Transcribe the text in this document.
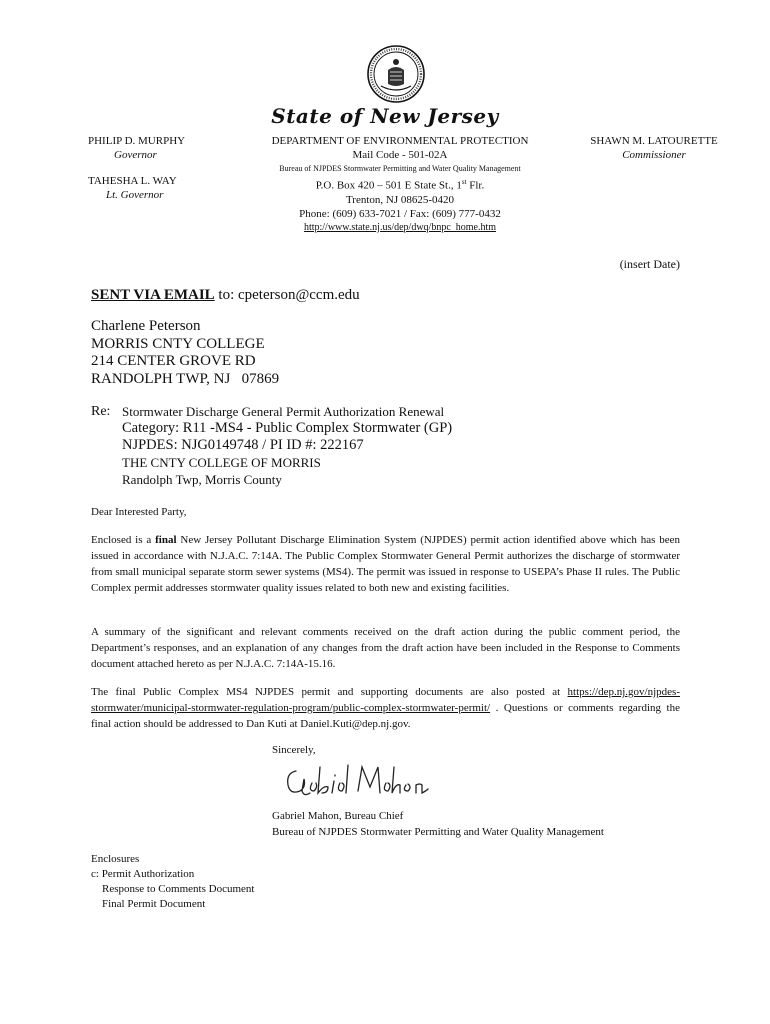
State of New Jersey
PHILIP D. MURPHY
Governor
TAHESHA L. WAY
Lt. Governor
DEPARTMENT OF ENVIRONMENTAL PROTECTION
Mail Code - 501-02A
Bureau of NJPDES Stormwater Permitting and Water Quality Management
P.O. Box 420 – 501 E State St., 1st Flr.
Trenton, NJ 08625-0420
Phone: (609) 633-7021 / Fax: (609) 777-0432
http://www.state.nj.us/dep/dwq/bnpc_home.htm
SHAWN M. LATOURETTE
Commissioner
(insert Date)
SENT VIA EMAIL to: cpeterson@ccm.edu
Charlene Peterson
MORRIS CNTY COLLEGE
214 CENTER GROVE RD
RANDOLPH TWP, NJ   07869
Re: Stormwater Discharge General Permit Authorization Renewal
Category: R11 -MS4 - Public Complex Stormwater (GP)
NJPDES: NJG0149748 / PI ID #: 222167
THE CNTY COLLEGE OF MORRIS
Randolph Twp, Morris County
Dear Interested Party,
Enclosed is a final New Jersey Pollutant Discharge Elimination System (NJPDES) permit action identified above which has been issued in accordance with N.J.A.C. 7:14A. The Public Complex Stormwater General Permit authorizes the discharge of stormwater from small municipal separate storm sewer systems (MS4). The permit was issued in response to USEPA’s Phase II rules. The Public Complex permit addresses stormwater quality issues related to both new and existing facilities.
A summary of the significant and relevant comments received on the draft action during the public comment period, the Department’s responses, and an explanation of any changes from the draft action have been included in the Response to Comments document attached hereto as per N.J.A.C. 7:14A-15.16.
The final Public Complex MS4 NJPDES permit and supporting documents are also posted at https://dep.nj.gov/njpdes-stormwater/municipal-stormwater-regulation-program/public-complex-stormwater-permit/ . Questions or comments regarding the final action should be addressed to Dan Kuti at Daniel.Kuti@dep.nj.gov.
Sincerely,
Gabriel Mahon, Bureau Chief
Bureau of NJPDES Stormwater Permitting and Water Quality Management
Enclosures
c: Permit Authorization
Response to Comments Document
Final Permit Document
